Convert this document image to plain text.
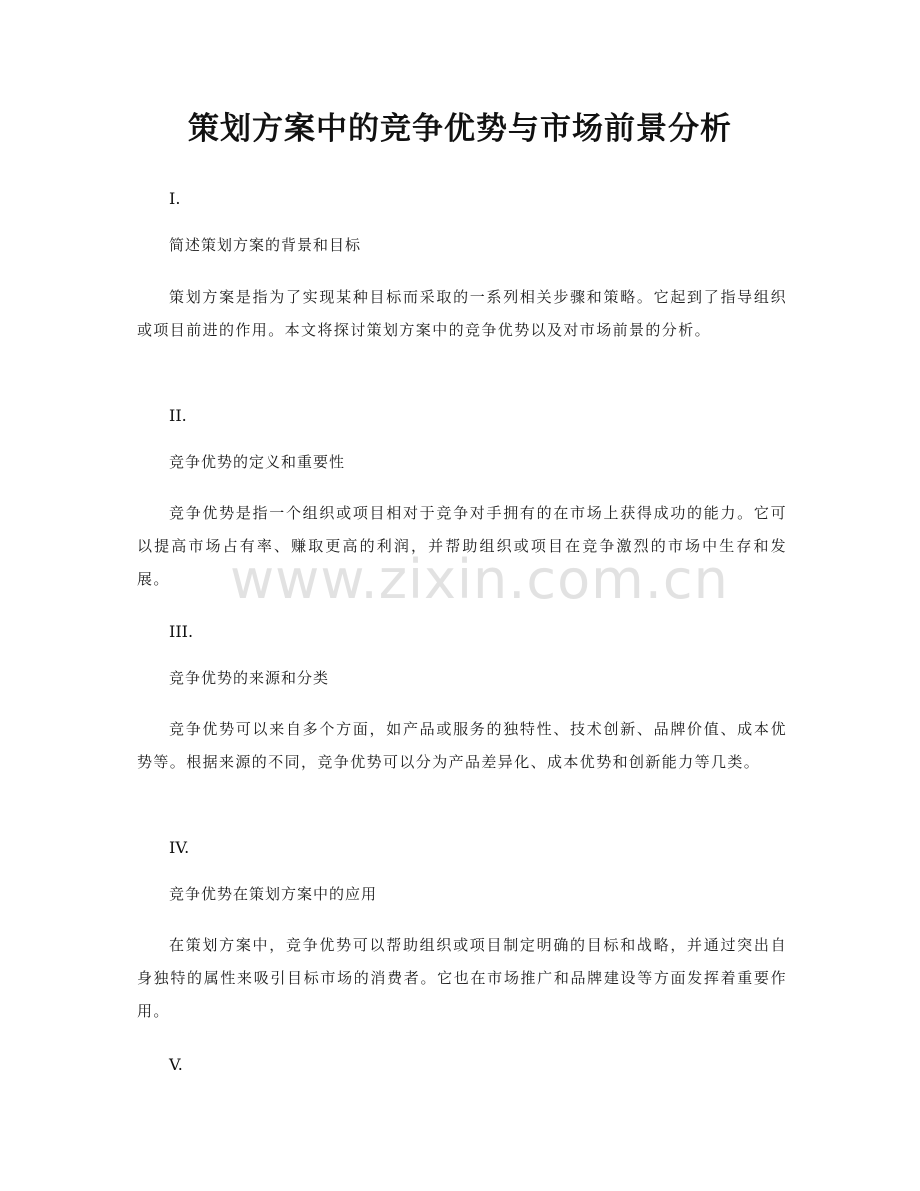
策划方案中的竞争优势与市场前景分析
I.
简述策划方案的背景和目标

策划方案是指为了实现某种目标而采取的一系列相关步骤和策略。它起到了指导组织或项目前进的作用。本文将探讨策划方案中的竞争优势以及对市场前景的分析。

II.
竞争优势的定义和重要性

竞争优势是指一个组织或项目相对于竞争对手拥有的在市场上获得成功的能力。它可以提高市场占有率、赚取更高的利润，并帮助组织或项目在竞争激烈的市场中生存和发展。

III.
竞争优势的来源和分类

竞争优势可以来自多个方面，如产品或服务的独特性、技术创新、品牌价值、成本优势等。根据来源的不同，竞争优势可以分为产品差异化、成本优势和创新能力等几类。

IV.
竞争优势在策划方案中的应用

在策划方案中，竞争优势可以帮助组织或项目制定明确的目标和战略，并通过突出自身独特的属性来吸引目标市场的消费者。它也在市场推广和品牌建设等方面发挥着重要作用。

V.
www.zixin.com.cn
